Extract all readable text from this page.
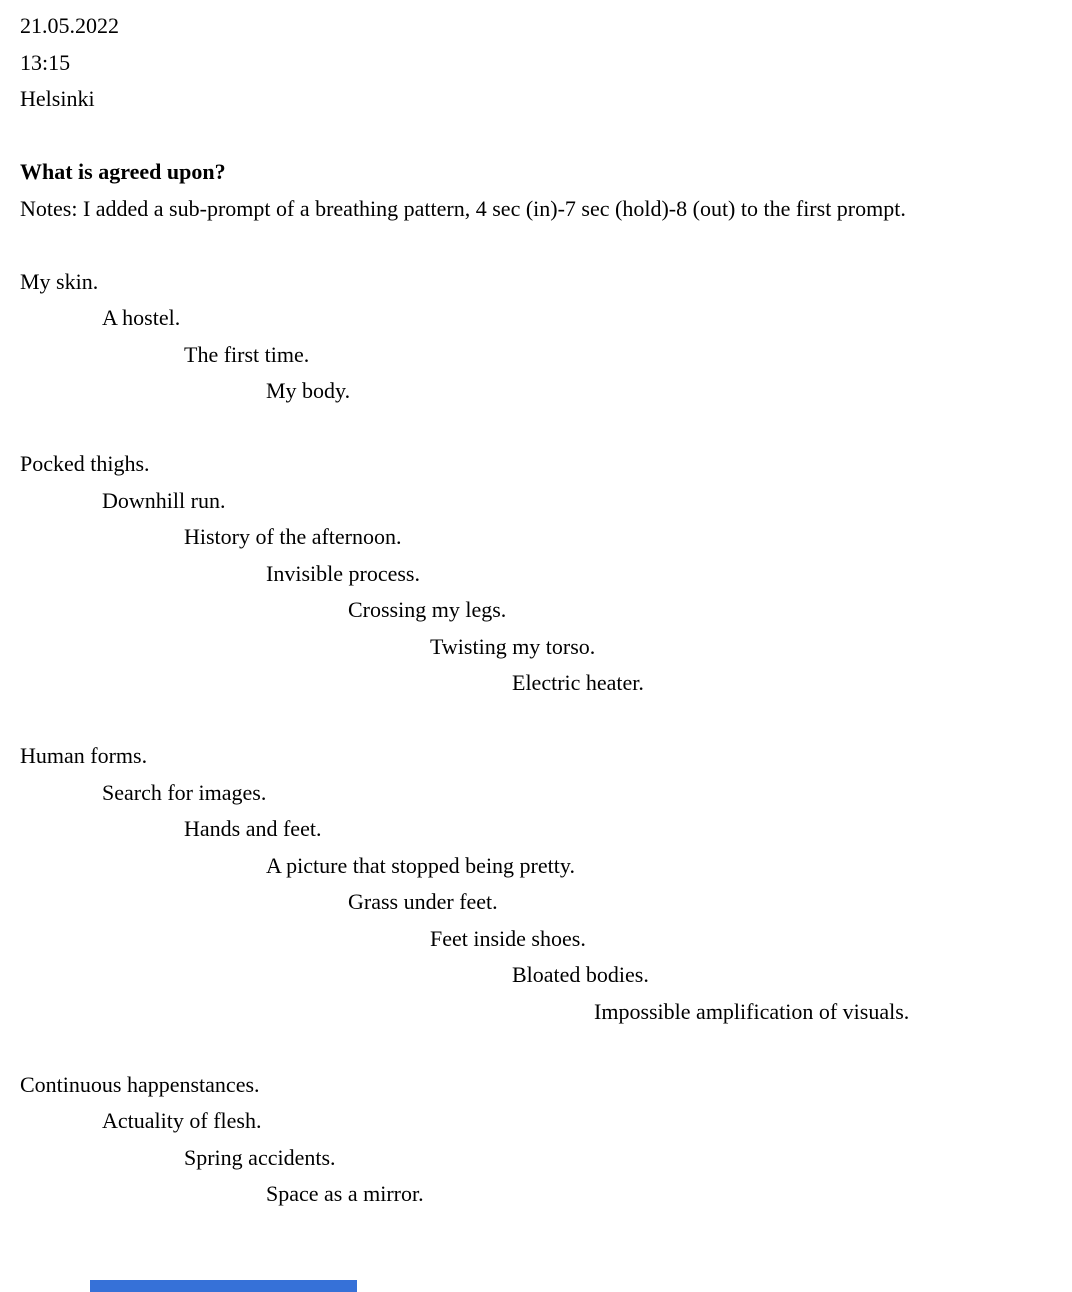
21.05.2022
13:15
Helsinki
What is agreed upon?
Notes: I added a sub-prompt of a breathing pattern, 4 sec (in)-7 sec (hold)-8 (out) to the first prompt.
My skin.
A hostel.
The first time.
My body.
Pocked thighs.
Downhill run.
History of the afternoon.
Invisible process.
Crossing my legs.
Twisting my torso.
Electric heater.
Human forms.
Search for images.
Hands and feet.
A picture that stopped being pretty.
Grass under feet.
Feet inside shoes.
Bloated bodies.
Impossible amplification of visuals.
Continuous happenstances.
Actuality of flesh.
Spring accidents.
Space as a mirror.
